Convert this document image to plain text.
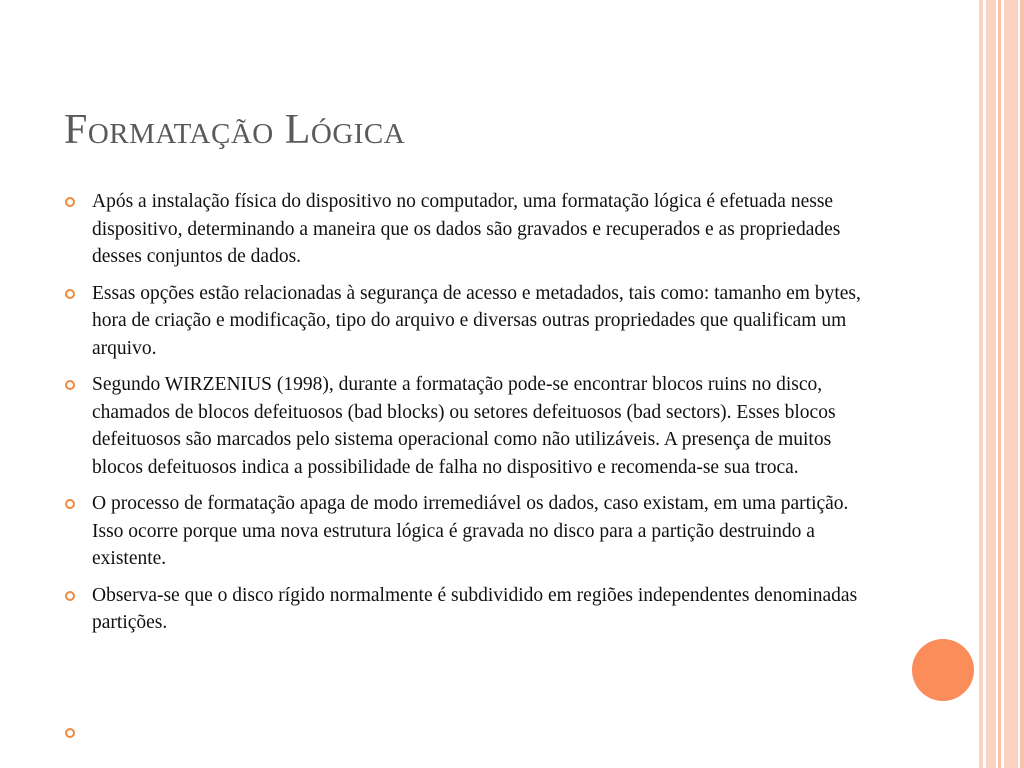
Formatação Lógica
Após a instalação física do dispositivo no computador, uma formatação lógica é efetuada nesse dispositivo, determinando a maneira que os dados são gravados e recuperados e as propriedades desses conjuntos de dados.
Essas opções estão relacionadas à segurança de acesso e metadados, tais como: tamanho em bytes, hora de criação e modificação, tipo do arquivo e diversas outras propriedades que qualificam um arquivo.
Segundo WIRZENIUS (1998), durante a formatação pode-se encontrar blocos ruins no disco, chamados de blocos defeituosos (bad blocks) ou setores defeituosos (bad sectors). Esses blocos defeituosos são marcados pelo sistema operacional como não utilizáveis. A presença de muitos blocos defeituosos indica a possibilidade de falha no dispositivo e recomenda-se sua troca.
O processo de formatação apaga de modo irremediável os dados, caso existam, em uma partição. Isso ocorre porque uma nova estrutura lógica é gravada no disco para a partição destruindo a existente.
Observa-se que o disco rígido normalmente é subdividido em regiões independentes denominadas partições.
